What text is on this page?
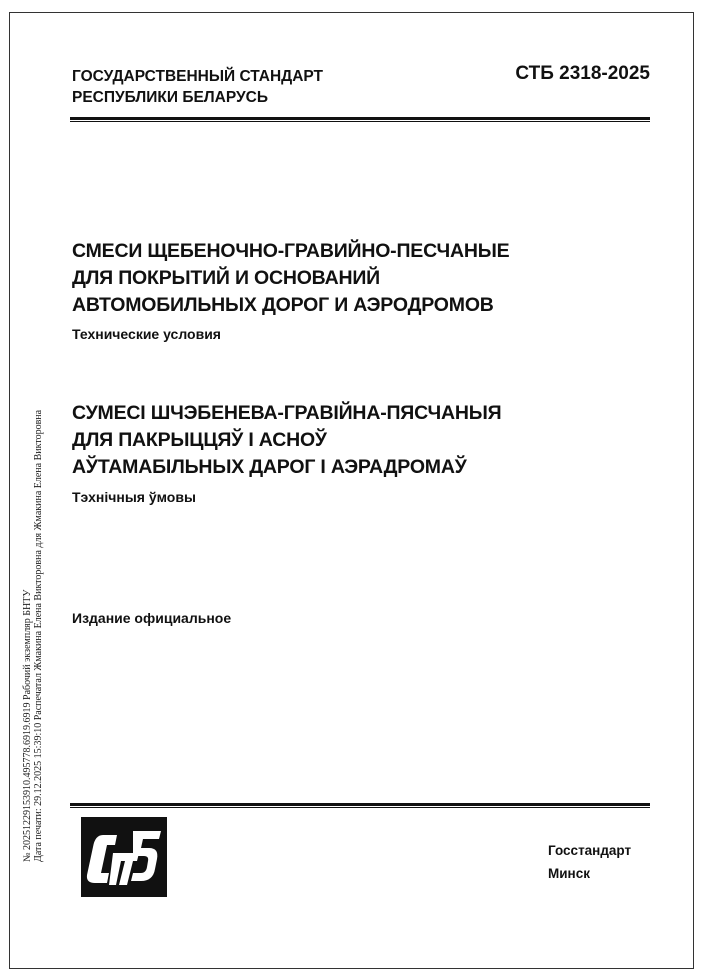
ГОСУДАРСТВЕННЫЙ СТАНДАРТ
РЕСПУБЛИКИ БЕЛАРУСЬ
СТБ 2318-2025
СМЕСИ ЩЕБЕНОЧНО-ГРАВИЙНО-ПЕСЧАНЫЕ
ДЛЯ ПОКРЫТИЙ И ОСНОВАНИЙ
АВТОМОБИЛЬНЫХ ДОРОГ И АЭРОДРОМОВ
Технические условия
СУМЕСІ ШЧЭБЕНЕВА-ГРАВІЙНА-ПЯСЧАНЫЯ
ДЛЯ ПАКРЫЦЦЯЎ І АСНОЎ
АЎТАМАБІЛЬНЫХ ДАРОГ І АЭРАДРОМАЎ
Тэхнічныя ўмовы
Издание официальное
№ 20251229153910.495778.6919.6919 Рабочий экземпляр БНТУ Дата печати: 29.12.2025 15:39:10 Распечатал Жмакина Елена Викторовна для Жмакина Елена Викторовна	Госстандарт
Минск
